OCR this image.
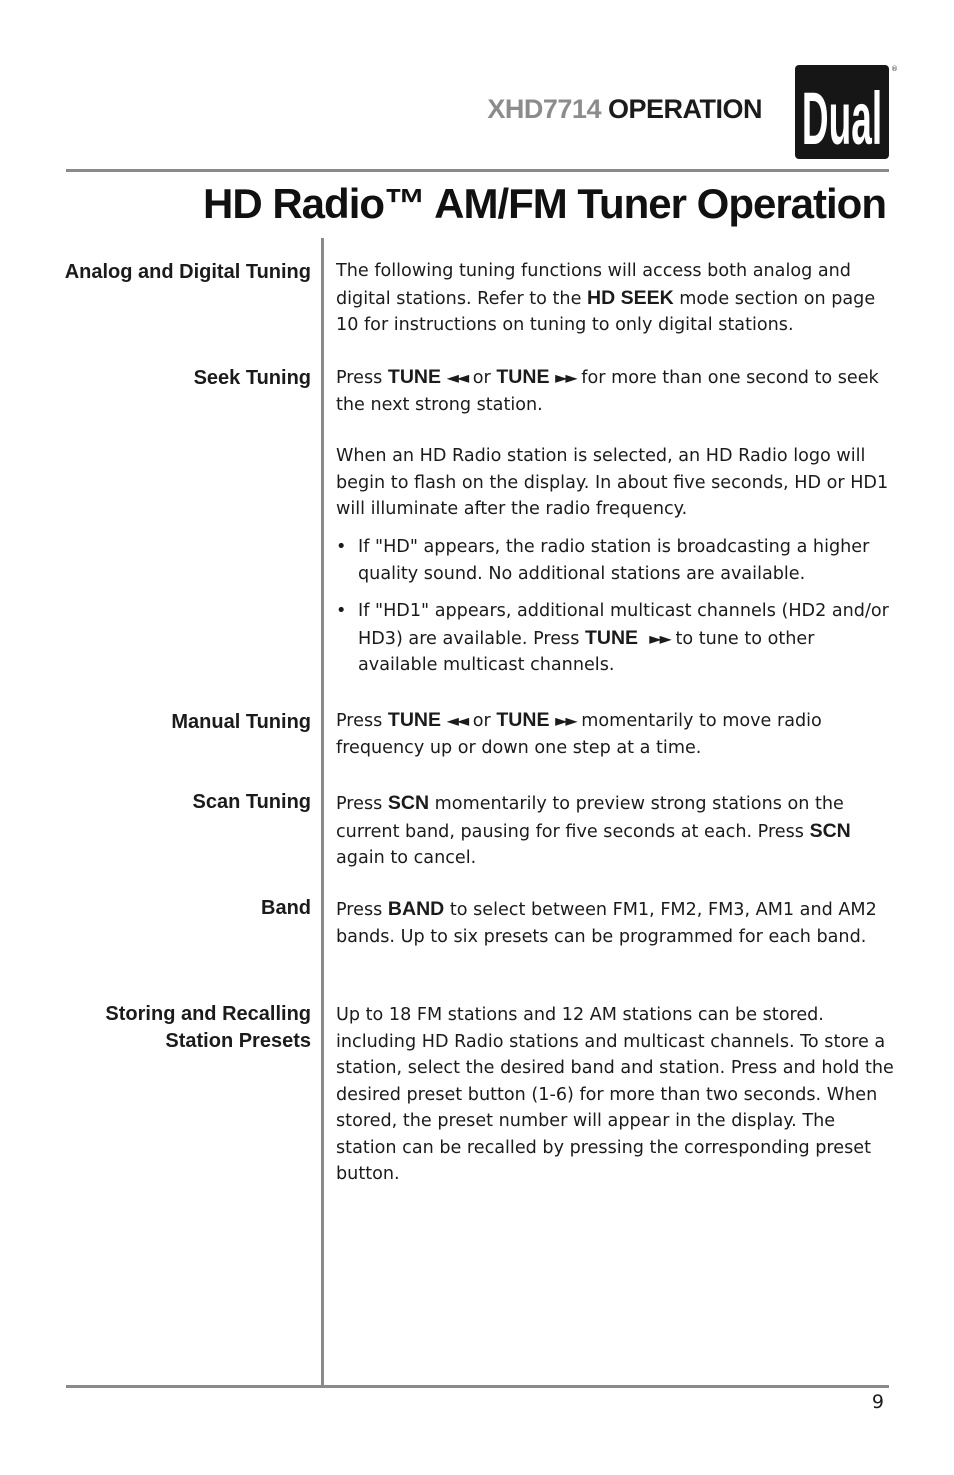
XHD7714 OPERATION Dual
®
HD Radio™ AM/FM Tuner Operation
Analog and Digital Tuning The following tuning functions will access both analog and digital stations. Refer to the HD SEEK mode section on page 10 for instructions on tuning to only digital stations.

Seek Tuning Press TUNE ◄◄ or TUNE ►► for more than one second to seek the next strong station.

When an HD Radio station is selected, an HD Radio logo will begin to flash on the display. In about five seconds, HD or HD1 will illuminate after the radio frequency.

• If "HD" appears, the radio station is broadcasting a higher quality sound. No additional stations are available.
• If "HD1" appears, additional multicast channels (HD2 and/or HD3) are available. Press TUNE ►► to tune to other available multicast channels.
Manual Tuning Press TUNE ◄◄ or TUNE ►► momentarily to move radio frequency up or down one step at a time.

Scan Tuning Press SCN momentarily to preview strong stations on the current band, pausing for five seconds at each. Press SCN again to cancel.

Band Press BAND to select between FM1, FM2, FM3, AM1 and AM2 bands. Up to six presets can be programmed for each band.

Storing and Recalling
Station Presets

Up to 18 FM stations and 12 AM stations can be stored. including HD Radio stations and multicast channels. To store a station, select the desired band and station. Press and hold the desired preset button (1-6) for more than two seconds. When stored, the preset number will appear in the display. The station can be recalled by pressing the corresponding preset button.

9
